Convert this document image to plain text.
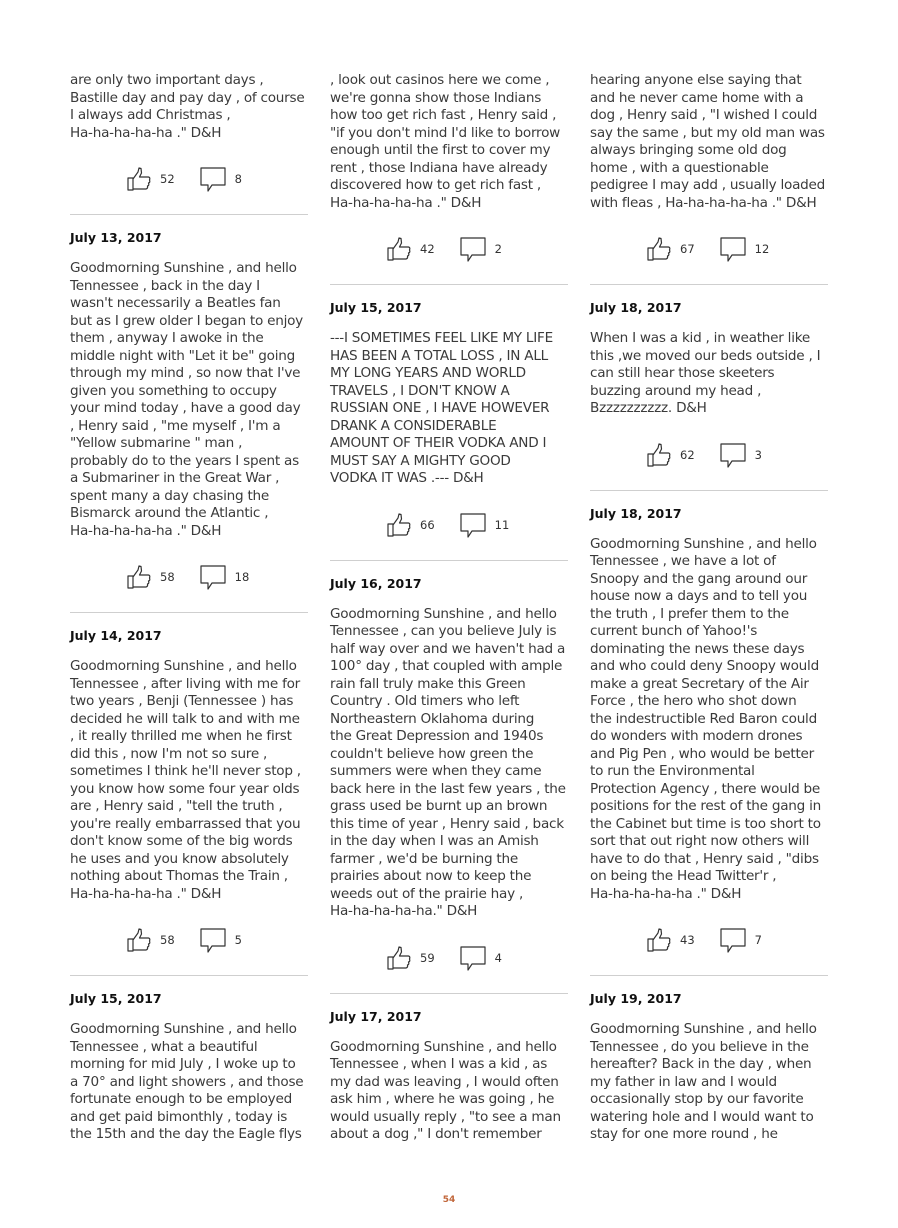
are only two important days ,
Bastille day and pay day , of course
I always add Christmas ,
Ha-ha-ha-ha-ha ." D&H

52	8
July 13, 2017

Goodmorning Sunshine , and hello
Tennessee , back in the day I
wasn't necessarily a Beatles fan
but as I grew older I began to enjoy
them , anyway I awoke in the
middle night with "Let it be" going
through my mind , so now that I've
given you something to occupy
your mind today , have a good day
, Henry said , "me myself , I'm a
"Yellow submarine " man ,
probably do to the years I spent as
a Submariner in the Great War ,
spent many a day chasing the
Bismarck around the Atlantic ,
Ha-ha-ha-ha-ha ." D&H

58	18
July 14, 2017

Goodmorning Sunshine , and hello
Tennessee , after living with me for
two years , Benji (Tennessee ) has
decided he will talk to and with me
, it really thrilled me when he first
did this , now I'm not so sure ,
sometimes I think he'll never stop ,
you know how some four year olds
are , Henry said , "tell the truth ,
you're really embarrassed that you
don't know some of the big words
he uses and you know absolutely
nothing about Thomas the Train ,
Ha-ha-ha-ha-ha ." D&H

58	5
July 15, 2017

Goodmorning Sunshine , and hello
Tennessee , what a beautiful
morning for mid July , I woke up to
a 70° and light showers , and those
fortunate enough to be employed
and get paid bimonthly , today is
the 15th and the day the Eagle flys

, look out casinos here we come ,
we're gonna show those Indians
how too get rich fast , Henry said ,
"if you don't mind I'd like to borrow
enough until the first to cover my
rent , those Indiana have already
discovered how to get rich fast ,
Ha-ha-ha-ha-ha ." D&H

42	2
July 15, 2017

---I SOMETIMES FEEL LIKE MY LIFE
HAS BEEN A TOTAL LOSS , IN ALL
MY LONG YEARS AND WORLD
TRAVELS , I DON'T KNOW A
RUSSIAN ONE , I HAVE HOWEVER
DRANK A CONSIDERABLE
AMOUNT OF THEIR VODKA AND I
MUST SAY A MIGHTY GOOD
VODKA IT WAS .--- D&H

66	11
July 16, 2017

Goodmorning Sunshine , and hello
Tennessee , can you believe July is
half way over and we haven't had a
100° day , that coupled with ample
rain fall truly make this Green
Country . Old timers who left
Northeastern Oklahoma during
the Great Depression and 1940s
couldn't believe how green the
summers were when they came
back here in the last few years , the
grass used be burnt up an brown
this time of year , Henry said , back
in the day when I was an Amish
farmer , we'd be burning the
prairies about now to keep the
weeds out of the prairie hay ,
Ha-ha-ha-ha-ha." D&H

59	4
July 17, 2017

Goodmorning Sunshine , and hello
Tennessee , when I was a kid , as
my dad was leaving , I would often
ask him , where he was going , he
would usually reply , "to see a man
about a dog ," I don't remember

hearing anyone else saying that
and he never came home with a
dog , Henry said , "I wished I could
say the same , but my old man was
always bringing some old dog
home , with a questionable
pedigree I may add , usually loaded
with fleas , Ha-ha-ha-ha-ha ." D&H

67	12
July 18, 2017

When I was a kid , in weather like
this ,we moved our beds outside , I
can still hear those skeeters
buzzing around my head ,
Bzzzzzzzzzz. D&H

62	3
July 18, 2017

Goodmorning Sunshine , and hello
Tennessee , we have a lot of
Snoopy and the gang around our
house now a days and to tell you
the truth , I prefer them to the
current bunch of Yahoo!'s
dominating the news these days
and who could deny Snoopy would
make a great Secretary of the Air
Force , the hero who shot down
the indestructible Red Baron could
do wonders with modern drones
and Pig Pen , who would be better
to run the Environmental
Protection Agency , there would be
positions for the rest of the gang in
the Cabinet but time is too short to
sort that out right now others will
have to do that , Henry said , "dibs
on being the Head Twitter'r ,
Ha-ha-ha-ha-ha ." D&H

43	7
July 19, 2017

Goodmorning Sunshine , and hello
Tennessee , do you believe in the
hereafter? Back in the day , when
my father in law and I would
occasionally stop by our favorite
watering hole and I would want to
stay for one more round , he

54
